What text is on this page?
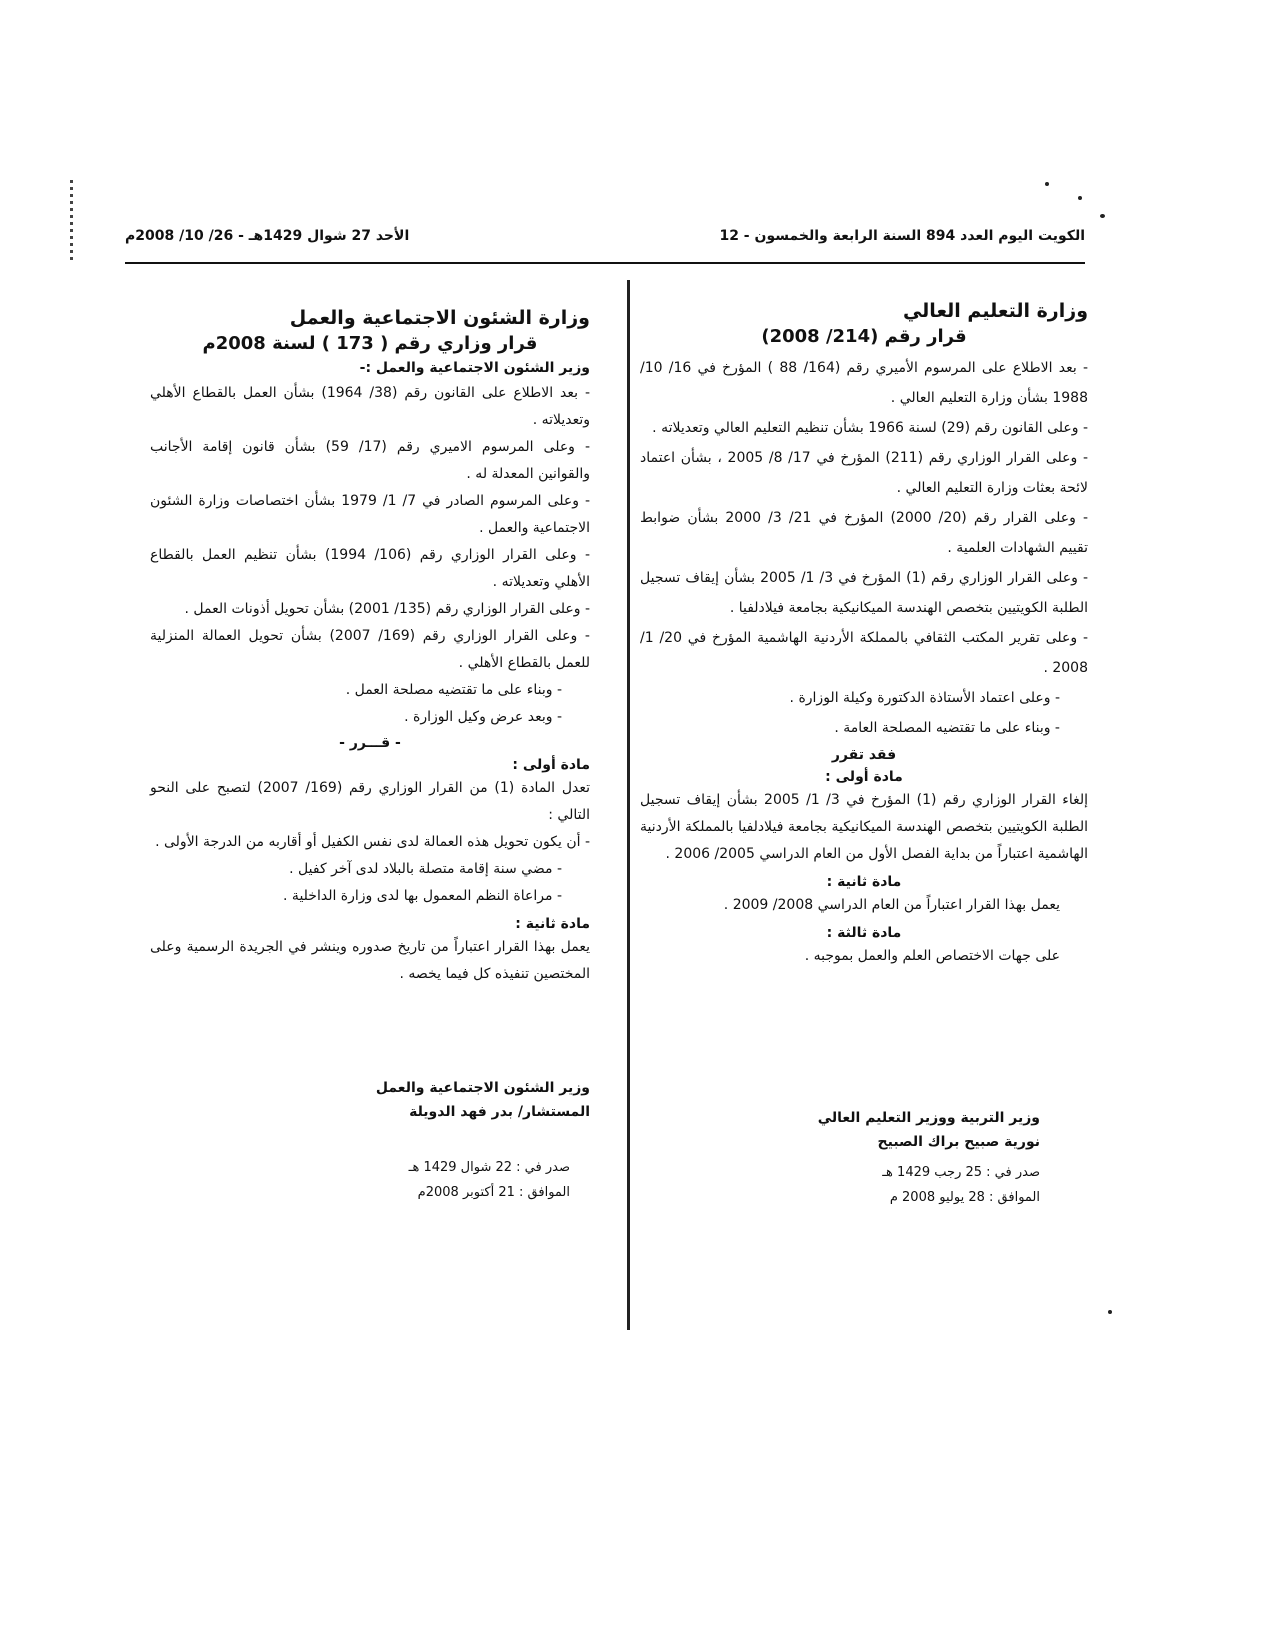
الكويت اليوم العدد 894 السنة الرابعة والخمسون - 12
الأحد 27 شوال 1429هـ - 26/ 10/ 2008م
وزارة التعليم العالي
قرار رقم (214/ 2008)

- بعد الاطلاع على المرسوم الأميري رقم (164/ 88 ) المؤرخ في 16/ 10/ 1988 بشأن وزارة التعليم العالي .

- وعلى القانون رقم (29) لسنة 1966 بشأن تنظيم التعليم العالي وتعديلاته .

- وعلى القرار الوزاري رقم (211) المؤرخ في 17/ 8/ 2005 ، بشأن اعتماد لائحة بعثات وزارة التعليم العالي .

- وعلى القرار رقم (20/ 2000) المؤرخ في 21/ 3/ 2000 بشأن ضوابط تقييم الشهادات العلمية .

- وعلى القرار الوزاري رقم (1) المؤرخ في 3/ 1/ 2005 بشأن إيقاف تسجيل الطلبة الكويتيين بتخصص الهندسة الميكانيكية بجامعة فيلادلفيا .

- وعلى تقرير المكتب الثقافي بالمملكة الأردنية الهاشمية المؤرخ في 20/ 1/ 2008 .

- وعلى اعتماد الأستاذة الدكتورة وكيلة الوزارة .

- وبناء على ما تقتضيه المصلحة العامة .

فقد تقرر
مادة أولى :

إلغاء القرار الوزاري رقم (1) المؤرخ في 3/ 1/ 2005 بشأن إيقاف تسجيل الطلبة الكويتيين بتخصص الهندسة الميكانيكية بجامعة فيلادلفيا بالمملكة الأردنية الهاشمية اعتباراً من بداية الفصل الأول من العام الدراسي 2005/ 2006 .

مادة ثانية :

يعمل بهذا القرار اعتباراً من العام الدراسي 2008/ 2009 .

مادة ثالثة :

على جهات الاختصاص العلم والعمل بموجبه .

وزارة الشئون الاجتماعية والعمل
قرار وزاري رقم ( 173 ) لسنة 2008م
وزير الشئون الاجتماعية والعمل :-

- بعد الاطلاع على القانون رقم (38/ 1964) بشأن العمل بالقطاع الأهلي وتعديلاته .

- وعلى المرسوم الاميري رقم (17/ 59) بشأن قانون إقامة الأجانب والقوانين المعدلة له .

- وعلى المرسوم الصادر في 7/ 1/ 1979 بشأن اختصاصات وزارة الشئون الاجتماعية والعمل .

- وعلى القرار الوزاري رقم (106/ 1994) بشأن تنظيم العمل بالقطاع الأهلي وتعديلاته .

- وعلى القرار الوزاري رقم (135/ 2001) بشأن تحويل أذونات العمل .

- وعلى القرار الوزاري رقم (169/ 2007) بشأن تحويل العمالة المنزلية للعمل بالقطاع الأهلي .

- وبناء على ما تقتضيه مصلحة العمل .

- وبعد عرض وكيل الوزارة .

- قـــرر -
مادة أولى :

تعدل المادة (1) من القرار الوزاري رقم (169/ 2007) لتصبح على النحو التالي :

- أن يكون تحويل هذه العمالة لدى نفس الكفيل أو أقاربه من الدرجة الأولى .

- مضي سنة إقامة متصلة بالبلاد لدى آخر كفيل .

- مراعاة النظم المعمول بها لدى وزارة الداخلية .

مادة ثانية :

يعمل بهذا القرار اعتباراً من تاريخ صدوره وينشر في الجريدة الرسمية وعلى المختصين تنفيذه كل فيما يخصه .

وزير الشئون الاجتماعية والعمل
المستشار/ بدر فهد الدويلة
صدر في : 22 شوال 1429 هـ
الموافق : 21 أكتوبر 2008م
وزير التربية ووزير التعليم العالي
نورية صبيح براك الصبيح
صدر في : 25 رجب 1429 هـ
الموافق : 28 يوليو 2008 م
